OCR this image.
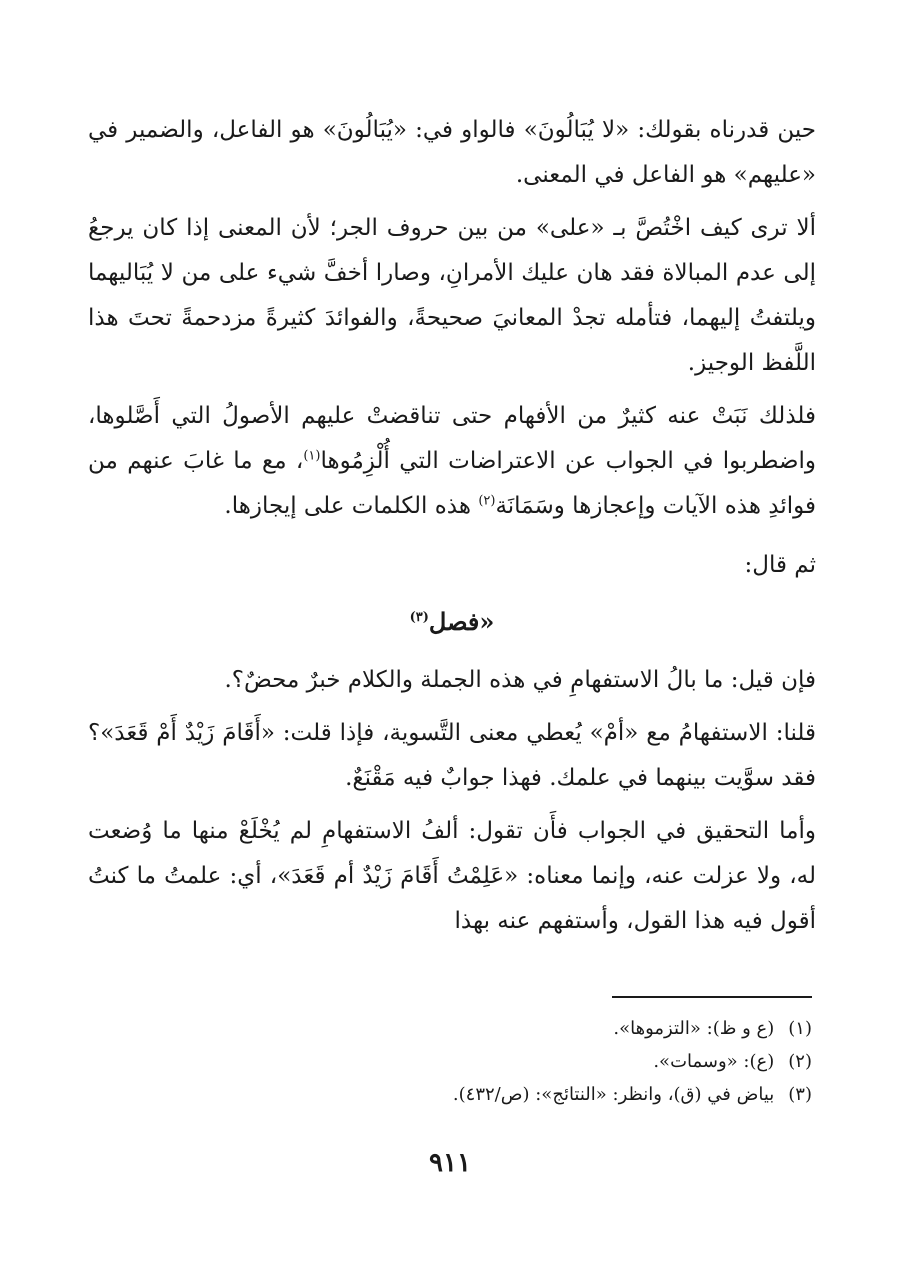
حين قدرناه بقولك: «لا يُبَالُونَ» فالواو في: «يُبَالُونَ» هو الفاعل، والضمير في «عليهم» هو الفاعل في المعنى.

ألا ترى كيف اخْتُصَّ بـ «على» من بين حروف الجر؛ لأن المعنى إذا كان يرجعُ إلى عدم المبالاة فقد هان عليك الأمرانِ، وصارا أخفَّ شيء على من لا يُبَاليهما ويلتفتُ إليهما، فتأمله تجدْ المعانيَ صحيحةً، والفوائدَ كثيرةً مزدحمةً تحتَ هذا اللَّفظ الوجيز.

فلذلك نَبَتْ عنه كثيرٌ من الأفهام حتى تناقضتْ عليهم الأصولُ التي أَصَّلوها، واضطربوا في الجواب عن الاعتراضات التي أُلْزِمُوها$^{(١)}$، مع ما غابَ عنهم من فوائدِ هذه الآيات وإعجازها وسَمَانَة$^{(٢)}$ هذه الكلمات على إيجازها.

ثم قال:

«فصل$^{(٣)}$

فإن قيل: ما بالُ الاستفهامِ في هذه الجملة والكلام خبرٌ محضٌ؟.

قلنا: الاستفهامُ مع «أمْ» يُعطي معنى التَّسوية، فإذا قلت: «أَقَامَ زَيْدٌ أَمْ قَعَدَ»؟ فقد سوَّيت بينهما في علمك. فهذا جوابٌ فيه مَقْنَعٌ.

وأما التحقيق في الجواب فأَن تقول: ألفُ الاستفهامِ لم يُخْلَعْ منها ما وُضعت له، ولا عزلت عنه، وإنما معناه: «عَلِمْتُ أَقَامَ زَيْدٌ أم قَعَدَ»، أي: علمتُ ما كنتُ أقول فيه هذا القول، وأستفهم عنه بهذا

(١)(ع و ظ): «التزموها».
(٢)(ع): «وسمات».
(٣)بياض في (ق)، وانظر: «النتائج»: (ص/٤٣٢).
٩١١
